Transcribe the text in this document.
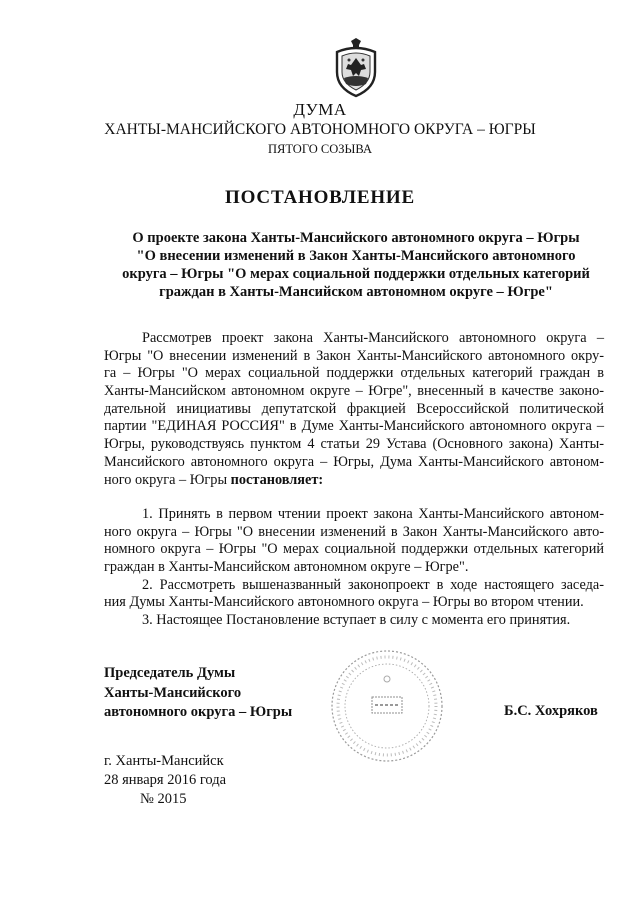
ДУМА
ХАНТЫ-МАНСИЙСКОГО АВТОНОМНОГО ОКРУГА – ЮГРЫ
ПЯТОГО СОЗЫВА
ПОСТАНОВЛЕНИЕ
О проекте закона Ханты-Мансийского автономного округа – Югры
"О внесении изменений в Закон Ханты-Мансийского автономного
округа – Югры "О мерах социальной поддержки отдельных категорий
граждан в Ханты-Мансийском автономном округе – Югре"
Рассмотрев проект закона Ханты-Мансийского автономного округа –
Югры "О внесении изменений в Закон Ханты-Мансийского автономного окру-
га – Югры "О мерах социальной поддержки отдельных категорий граждан в
Ханты-Мансийском автономном округе – Югре", внесенный в качестве законо-
дательной инициативы депутатской фракцией Всероссийской политической
партии "ЕДИНАЯ РОССИЯ" в Думе Ханты-Мансийского автономного округа –
Югры, руководствуясь пунктом 4 статьи 29 Устава (Основного закона) Ханты-
Мансийского автономного округа – Югры, Дума Ханты-Мансийского автоном-
ного округа – Югры постановляет:
1. Принять в первом чтении проект закона Ханты-Мансийского автоном-
ного округа – Югры "О внесении изменений в Закон Ханты-Мансийского авто-
номного округа – Югры "О мерах социальной поддержки отдельных категорий
граждан в Ханты-Мансийском автономном округе – Югре".
2. Рассмотреть вышеназванный законопроект в ходе настоящего заседа-
ния Думы Ханты-Мансийского автономного округа – Югры во втором чтении.
3. Настоящее Постановление вступает в силу с момента его принятия.
Председатель Думы
Ханты-Мансийского
автономного округа – Югры	Б.С. Хохряков
г. Ханты-Мансийск
28 января 2016 года
№ 2015
